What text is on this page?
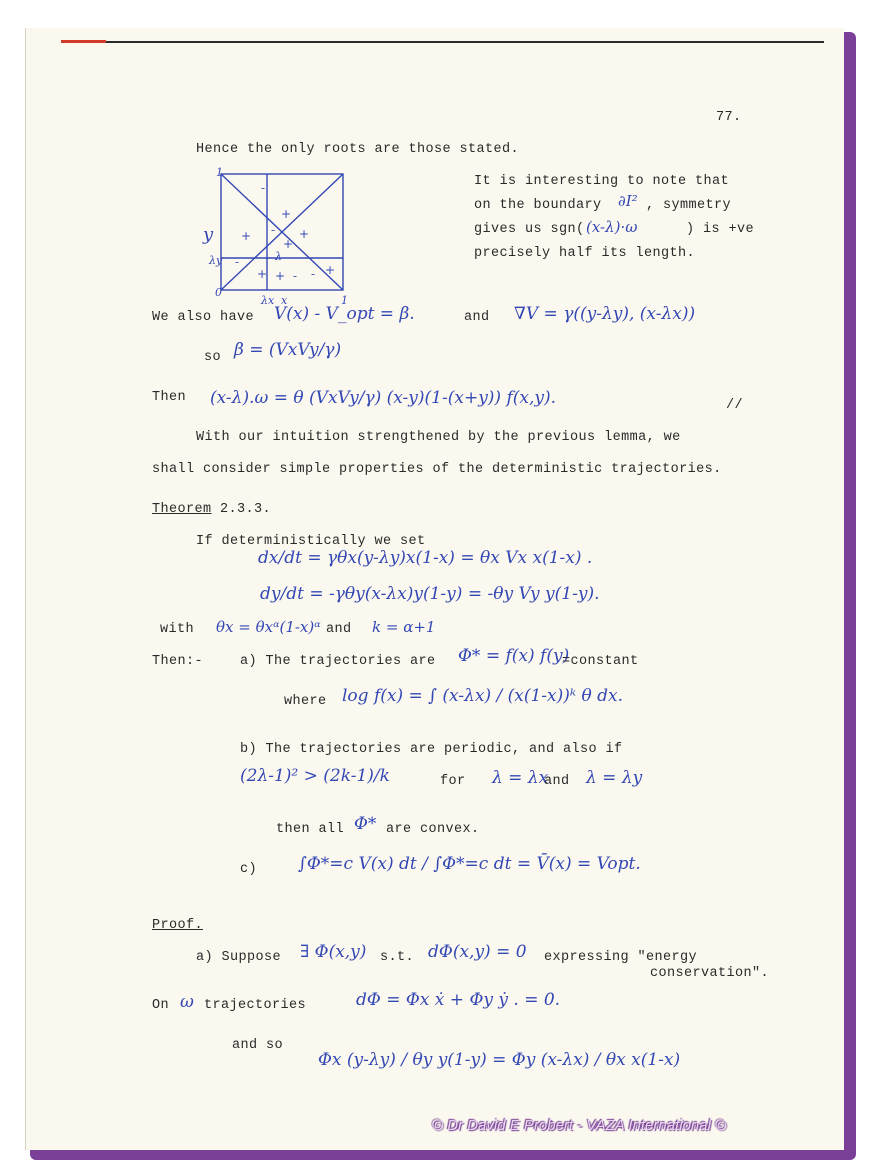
77.
Hence the only roots are those stated.
-
+
+ -
+
+
-
-
+ + - +
y
λy
λx x
λ
0
1
1
It is interesting to note that
on the boundary ∂I² , symmetry
gives us sgn( (x-λ)·ω	) is +ve
precisely half its length.
We also have V(x) - V_opt = β.	and ∇V = γ((y-λy), (x-λx))
so β = (VxVy/γ)
Then (x-λ).ω = θ (VxVy/γ) (x-y)(1-(x+y)) f(x,y).	//
With our intuition strengthened by the previous lemma, we
shall consider simple properties of the deterministic trajectories.
Theorem 2.3.3.
If deterministically we set
dx/dt = γθx(y-λy)x(1-x) = θx Vx x(1-x) .
dy/dt = -γθy(x-λx)y(1-y) = -θy Vy y(1-y).
with θx = θxᵅ(1-x)ᵅ and k = α+1
Then:-	a) The trajectories are Φ* = f(x) f(y)
=constant
where log f(x) = ∫ (x-λx) / (x(1-x))ᵏ θ dx.
b) The trajectories are periodic, and also if
(2λ-1)² > (2k-1)/k	for λ = λx
and λ = λy
then all Φ* are convex.
c) ∫Φ*=c V(x) dt / ∫Φ*=c dt = V̄(x) = Vopt.
Proof.
a) Suppose ∃ Φ(x,y) s.t. dΦ(x,y) = 0 expressing "energy
conservation".
On ω trajectories	dΦ = Φx ẋ + Φy ẏ . = 0.
and so
Φx (y-λy) / θy y(1-y) = Φy (x-λx) / θx x(1-x)
© Dr David E Probert - VAZA International ©
